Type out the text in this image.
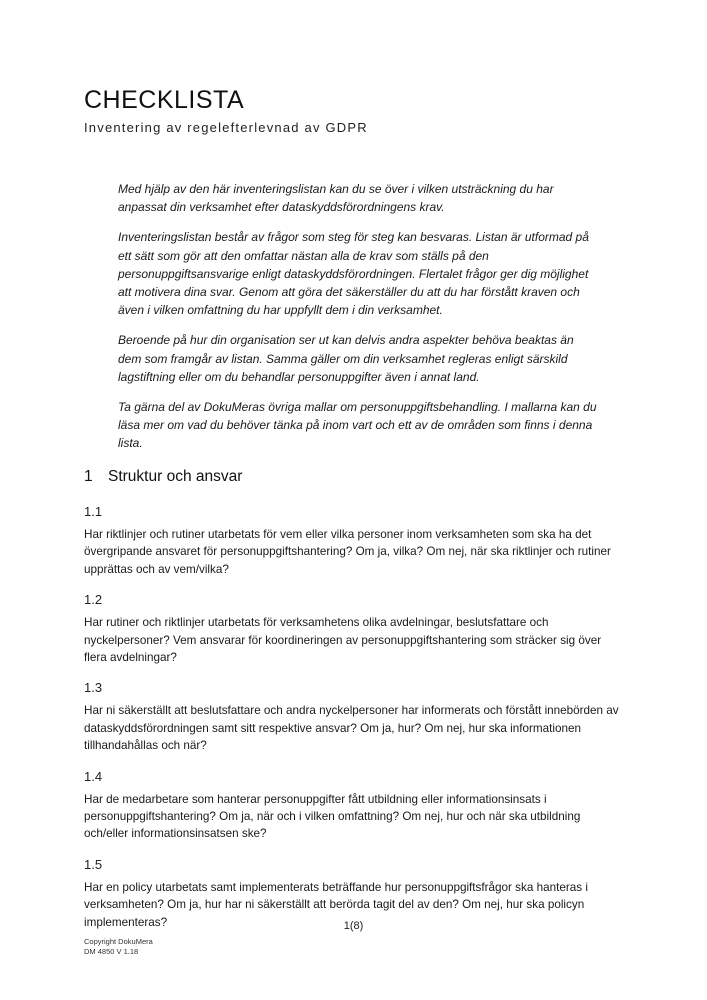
CHECKLISTA
Inventering av regelefterlevnad av GDPR

Med hjälp av den här inventeringslistan kan du se över i vilken utsträckning du har anpassat din verksamhet efter dataskyddsförordningens krav.

Inventeringslistan består av frågor som steg för steg kan besvaras. Listan är utformad på ett sätt som gör att den omfattar nästan alla de krav som ställs på den personuppgiftsansvarige enligt dataskyddsförordningen. Flertalet frågor ger dig möjlighet att motivera dina svar. Genom att göra det säkerställer du att du har förstått kraven och även i vilken omfattning du har uppfyllt dem i din verksamhet.

Beroende på hur din organisation ser ut kan delvis andra aspekter behöva beaktas än dem som framgår av listan. Samma gäller om din verksamhet regleras enligt särskild lagstiftning eller om du behandlar personuppgifter även i annat land.

Ta gärna del av DokuMeras övriga mallar om personuppgiftsbehandling. I mallarna kan du läsa mer om vad du behöver tänka på inom vart och ett av de områden som finns i denna lista.

1 Struktur och ansvar
1.1

Har riktlinjer och rutiner utarbetats för vem eller vilka personer inom verksamheten som ska ha det övergripande ansvaret för personuppgiftshantering? Om ja, vilka? Om nej, när ska riktlinjer och rutiner upprättas och av vem/vilka?

1.2

Har rutiner och riktlinjer utarbetats för verksamhetens olika avdelningar, beslutsfattare och nyckelpersoner? Vem ansvarar för koordineringen av personuppgiftshantering som sträcker sig över flera avdelningar?

1.3

Har ni säkerställt att beslutsfattare och andra nyckelpersoner har informerats och förstått innebörden av dataskyddsförordningen samt sitt respektive ansvar? Om ja, hur? Om nej, hur ska informationen tillhandahållas och när?

1.4

Har de medarbetare som hanterar personuppgifter fått utbildning eller informationsinsats i personuppgiftshantering? Om ja, när och i vilken omfattning? Om nej, hur och när ska utbildning och/eller informationsinsatsen ske?

1.5

Har en policy utarbetats samt implementerats beträffande hur personuppgiftsfrågor ska hanteras i verksamheten? Om ja, hur har ni säkerställt att berörda tagit del av den? Om nej, hur ska policyn implementeras?	1(8)
Copyright DokuMera
DM 4850 V 1.18
